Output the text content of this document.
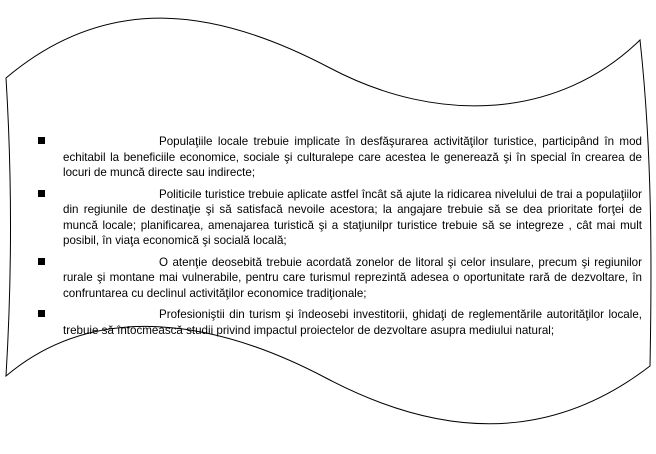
Populaţiile locale trebuie implicate în desfăşurarea activităţilor turistice, participând în mod echitabil la beneficiile economice, sociale şi culturalepe care acestea le generează şi în special în crearea de locuri de muncă directe sau indirecte;

Politicile turistice trebuie aplicate astfel încât să ajute la ridicarea nivelului de trai a populaţiilor din regiunile de destinaţie şi să satisfacă nevoile acestora; la angajare trebuie să se dea prioritate forţei de muncă locale; planificarea, amenajarea turistică şi a staţiunilpr turistice trebuie să se integreze , cât mai mult posibil, în viaţa economică şi socială locală;

O atenţie deosebită trebuie acordată zonelor de litoral şi celor insulare, precum şi regiunilor rurale şi montane mai vulnerabile, pentru care turismul reprezintă adesea o oportunitate rară de dezvoltare, în confruntarea cu declinul activităţilor economice tradiţionale;

Profesioniştii din turism şi îndeosebi investitorii, ghidaţi de reglementările autorităţilor locale, trebuie să întocmească studii privind impactul proiectelor de dezvoltare asupra mediului natural;
